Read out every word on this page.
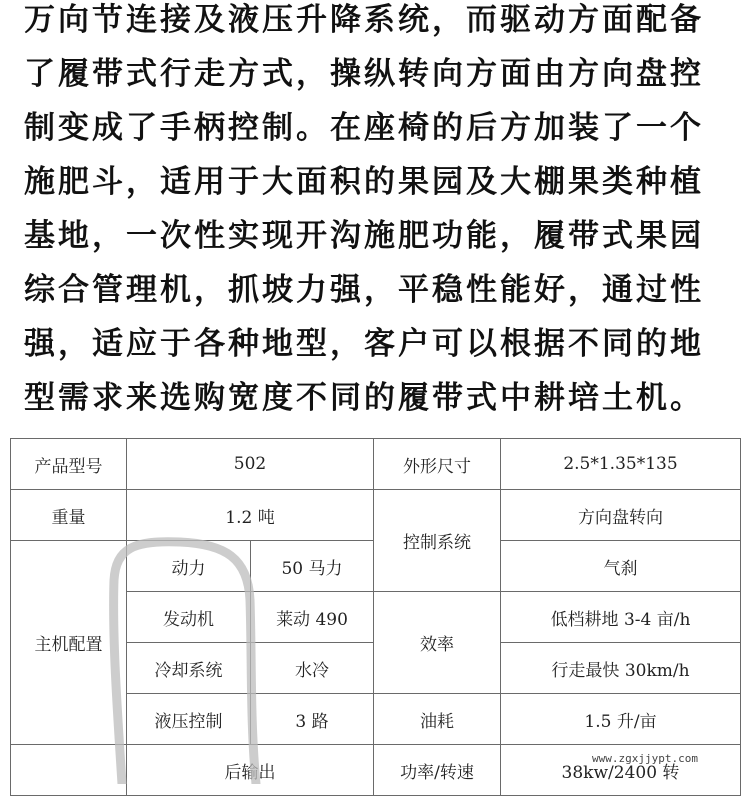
万向节连接及液压升降系统，而驱动方面配备
了履带式行走方式，操纵转向方面由方向盘控
制变成了手柄控制。在座椅的后方加装了一个
施肥斗，适用于大面积的果园及大棚果类种植
基地，一次性实现开沟施肥功能，履带式果园
综合管理机，抓坡力强，平稳性能好，通过性
强，适应于各种地型，客户可以根据不同的地
型需求来选购宽度不同的履带式中耕培土机。
产品型号	502		外形尺寸	2.5*1.35*135
重量	1.2 吨		控制系统	方向盘转向
主机配置	动力	50 马力		气刹
	发动机	莱动 490	效率	低档耕地 3-4 亩/h
	冷却系统	水冷		行走最快 30km/h
	液压控制	3 路	油耗	1.5 升/亩
	后输出		功率/转速	38kw/2400 转
www.zgxjjypt.com
